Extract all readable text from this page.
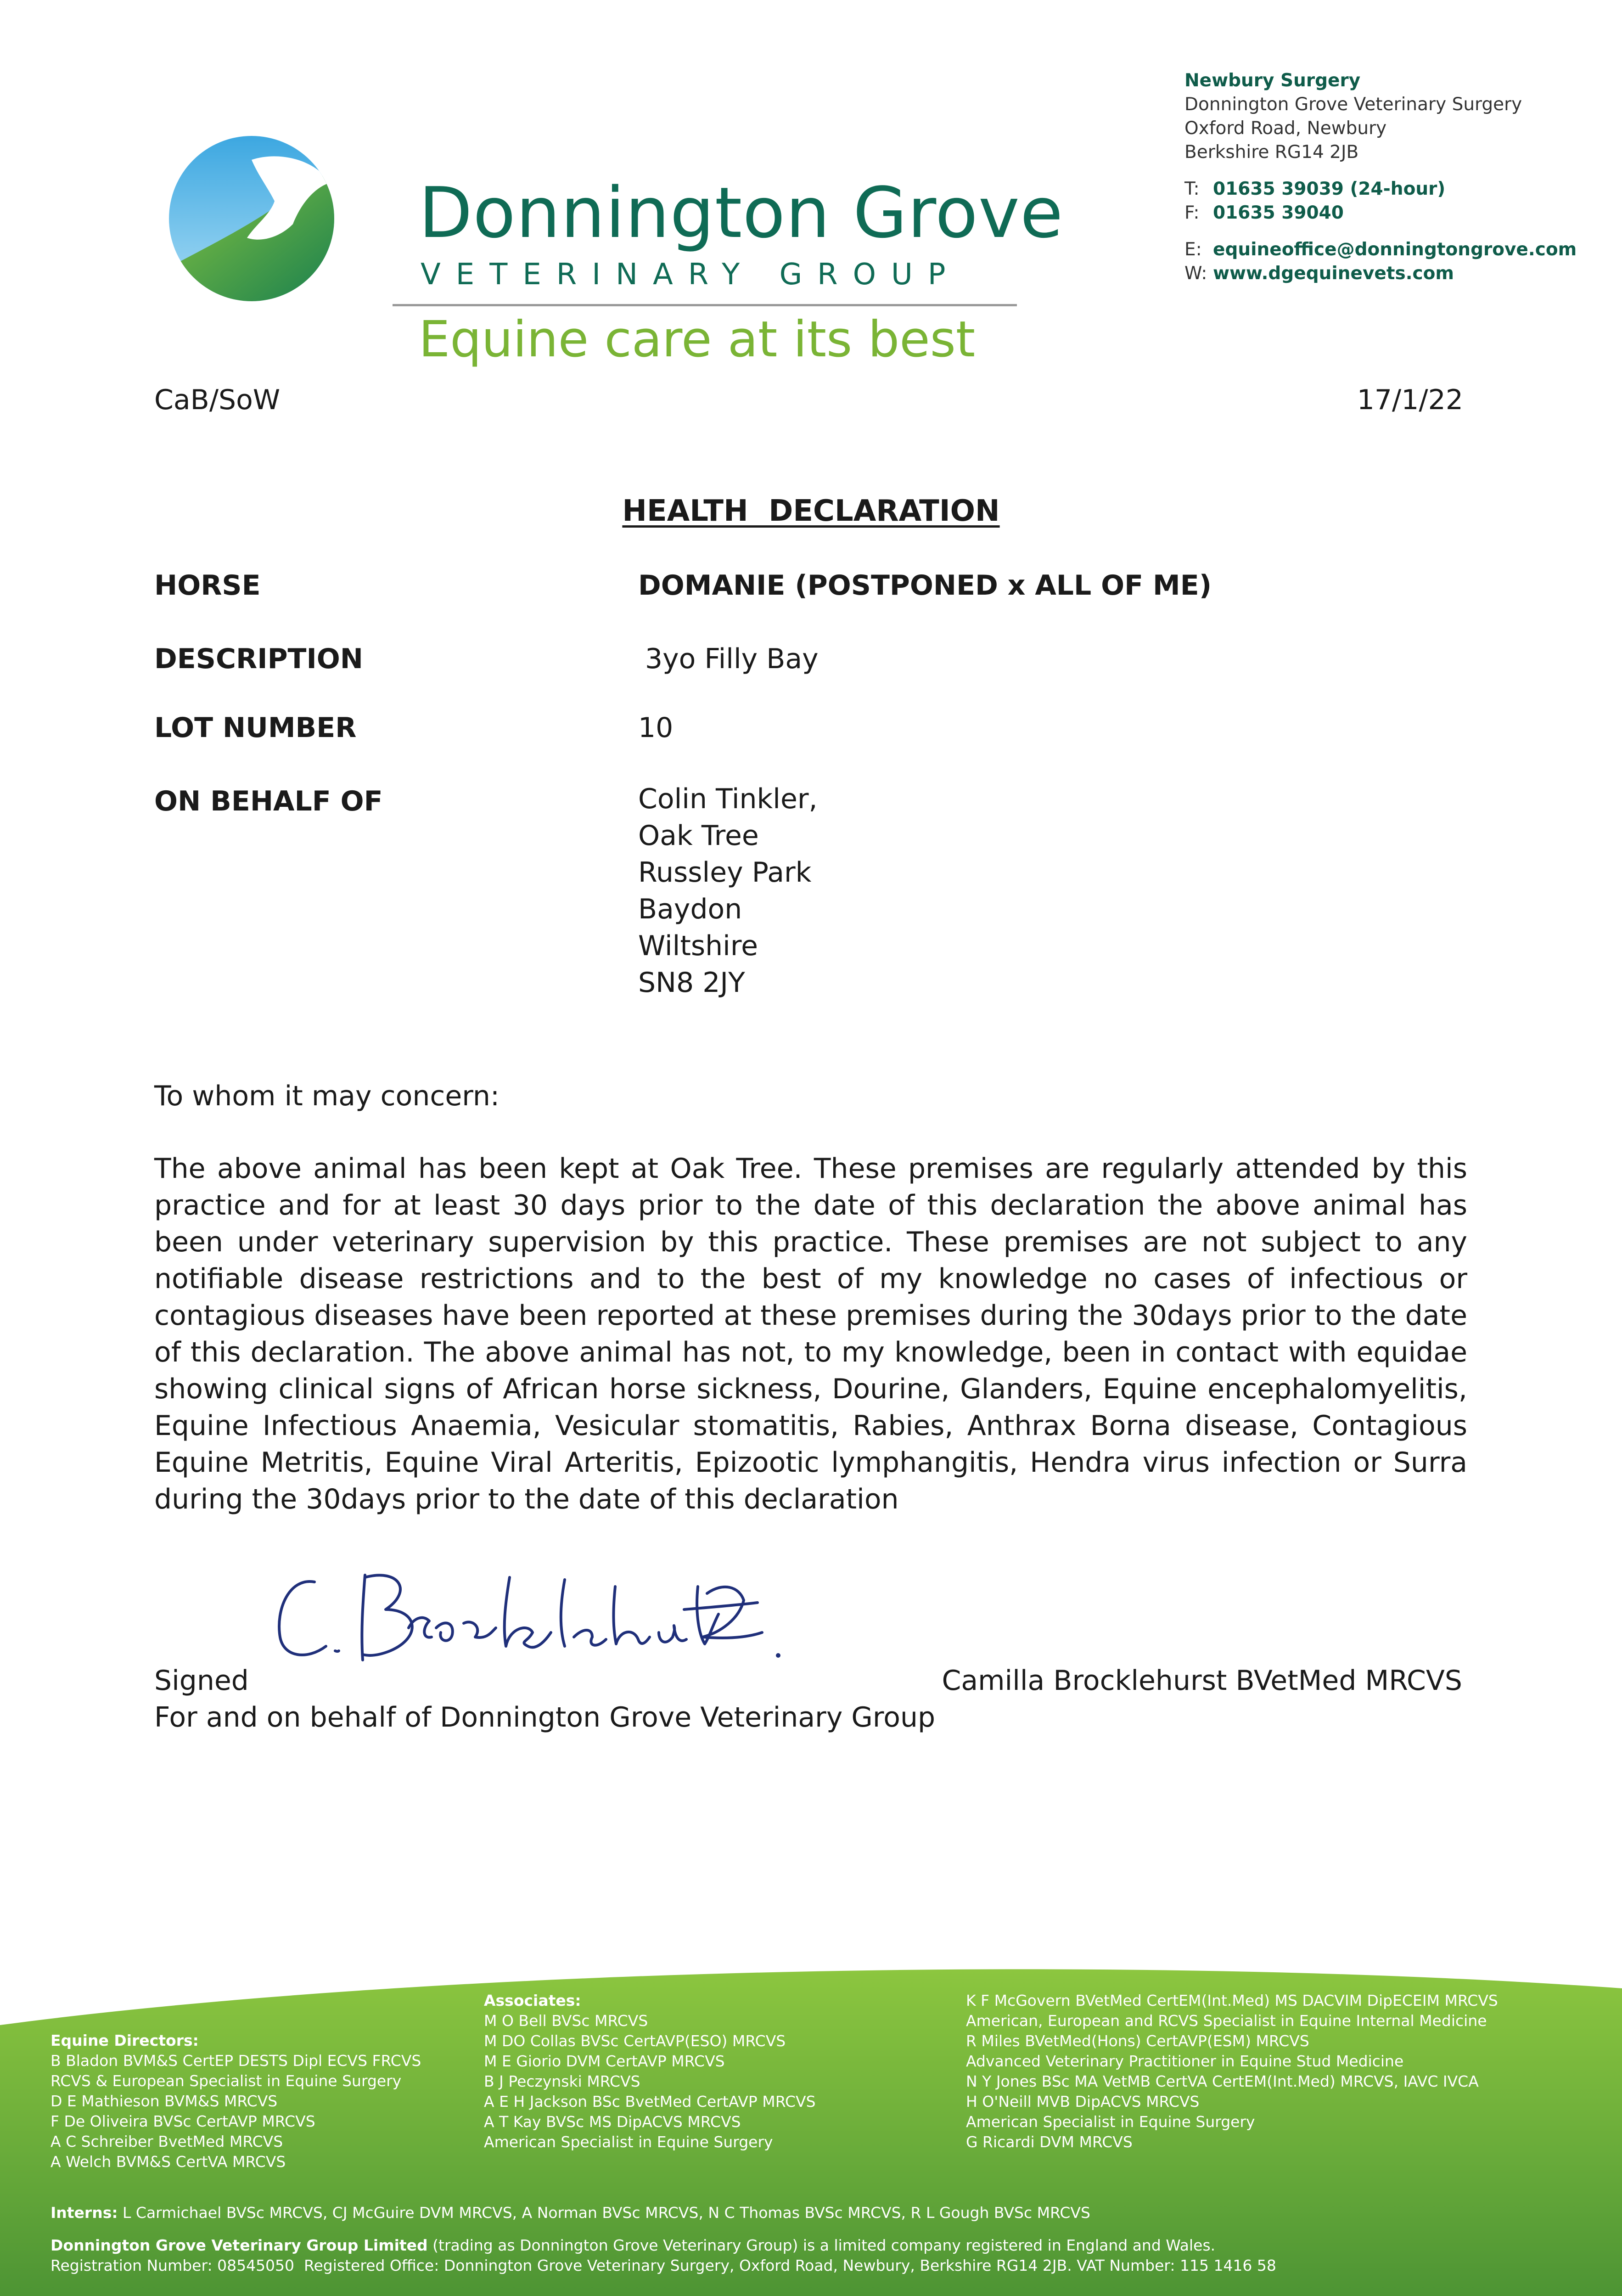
Donnington Grove
VETERINARY GROUP
Equine care at its best
Newbury Surgery
Donnington Grove Veterinary Surgery
Oxford Road, Newbury
Berkshire RG14 2JB
T: 01635 39039 (24-hour)
F: 01635 39040
E: equineoffice@donningtongrove.com
W: www.dgequinevets.com
CaB/SoW	17/1/22
HEALTH  DECLARATION
HORSE	DOMANIE (POSTPONED x ALL OF ME)
DESCRIPTION	3yo Filly Bay
LOT NUMBER	10
ON BEHALF OF	Colin Tinkler,
Oak Tree
Russley Park
Baydon
Wiltshire
SN8 2JY
To whom it may concern:
The above animal has been kept at Oak Tree. These premises are regularly attended by this practice and for at least 30 days prior to the date of this declaration the above animal has been under veterinary supervision by this practice. These premises are not subject to any notifiable disease restrictions and to the best of my knowledge no cases of infectious or contagious diseases have been reported at these premises during the 30days prior to the date of this declaration. The above animal has not, to my knowledge, been in contact with equidae showing clinical signs of African horse sickness, Dourine, Glanders, Equine encephalomyelitis, Equine Infectious Anaemia, Vesicular stomatitis, Rabies, Anthrax Borna disease, Contagious Equine Metritis, Equine Viral Arteritis, Epizootic lymphangitis, Hendra virus infection or Surra during the 30days prior to the date of this declaration
Signed	Camilla Brocklehurst BVetMed MRCVS
For and on behalf of Donnington Grove Veterinary Group
Equine Directors:
B Bladon BVM&S CertEP DESTS Dipl ECVS FRCVS
RCVS & European Specialist in Equine Surgery
D E Mathieson BVM&S MRCVS
F De Oliveira BVSc CertAVP MRCVS
A C Schreiber BvetMed MRCVS
A Welch BVM&S CertVA MRCVS
Associates:
M O Bell BVSc MRCVS
M DO Collas BVSc CertAVP(ESO) MRCVS
M E Giorio DVM CertAVP MRCVS
B J Peczynski MRCVS
A E H Jackson BSc BvetMed CertAVP MRCVS
A T Kay BVSc MS DipACVS MRCVS
American Specialist in Equine Surgery
K F McGovern BVetMed CertEM(Int.Med) MS DACVIM DipECEIM MRCVS
American, European and RCVS Specialist in Equine Internal Medicine
R Miles BVetMed(Hons) CertAVP(ESM) MRCVS
Advanced Veterinary Practitioner in Equine Stud Medicine
N Y Jones BSc MA VetMB CertVA CertEM(Int.Med) MRCVS, IAVC IVCA
H O'Neill MVB DipACVS MRCVS
American Specialist in Equine Surgery
G Ricardi DVM MRCVS
Interns: L Carmichael BVSc MRCVS, CJ McGuire DVM MRCVS, A Norman BVSc MRCVS, N C Thomas BVSc MRCVS, R L Gough BVSc MRCVS
Donnington Grove Veterinary Group Limited (trading as Donnington Grove Veterinary Group) is a limited company registered in England and Wales.
Registration Number: 08545050  Registered Office: Donnington Grove Veterinary Surgery, Oxford Road, Newbury, Berkshire RG14 2JB. VAT Number: 115 1416 58
